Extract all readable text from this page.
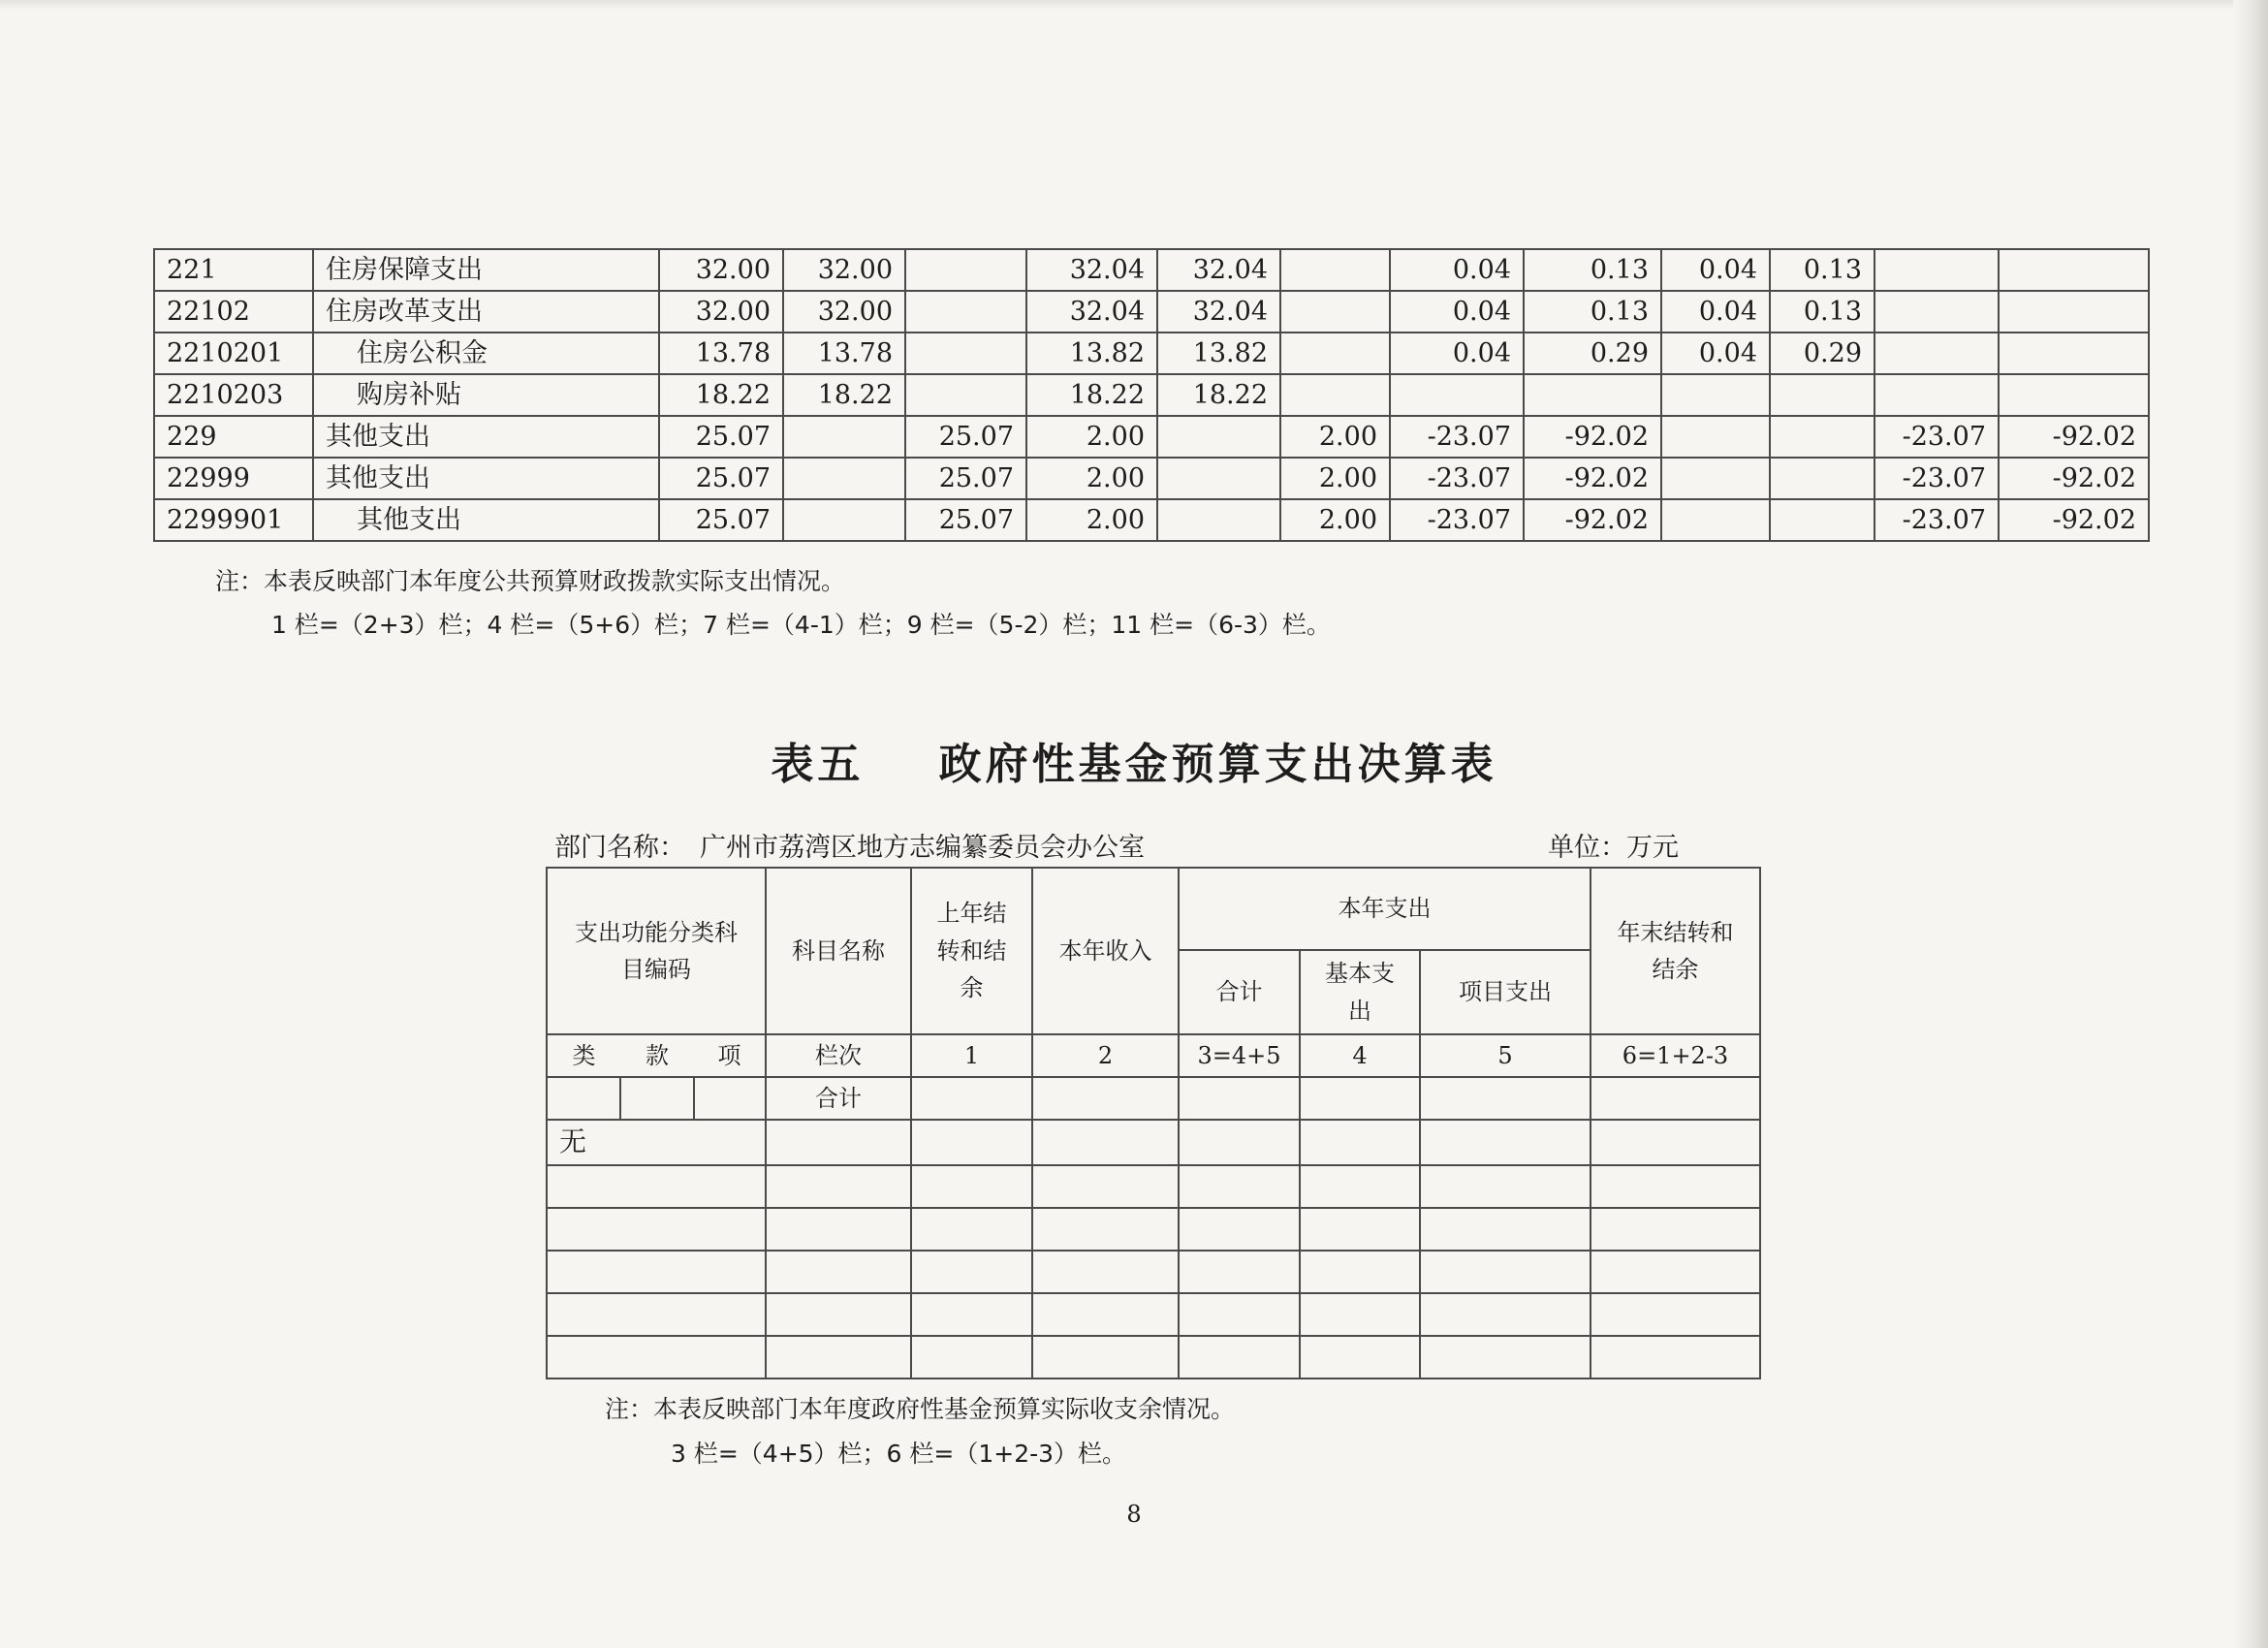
221	住房保障支出	32.00	32.00		32.04	32.04		0.04	0.13	0.04	0.13		
22102	住房改革支出	32.00	32.00		32.04	32.04		0.04	0.13	0.04	0.13		
2210201	住房公积金	13.78	13.78		13.82	13.82		0.04	0.29	0.04	0.29		
2210203	购房补贴	18.22	18.22		18.22	18.22							
229	其他支出	25.07		25.07	2.00		2.00	-23.07	-92.02			-23.07	-92.02
22999	其他支出	25.07		25.07	2.00		2.00	-23.07	-92.02			-23.07	-92.02
2299901	其他支出	25.07		25.07	2.00		2.00	-23.07	-92.02			-23.07	-92.02
注：本表反映部门本年度公共预算财政拨款实际支出情况。
1 栏=（2+3）栏；4 栏=（5+6）栏；7 栏=（4-1）栏；9 栏=（5-2）栏；11 栏=（6-3）栏。
表五    政府性基金预算支出决算表
部门名称： 广州市荔湾区地方志编纂委员会办公室	单位：万元
支出功能分类科目编码			科目名称	上年结转和结余	本年收入	本年支出			年末结转和结余
						合计	基本支出	项目支出	
类	款	项	栏次	1	2	3=4+5	4	5	6=1+2-3
			合计						
无									

注：本表反映部门本年度政府性基金预算实际收支余情况。
3 栏=（4+5）栏；6 栏=（1+2-3）栏。
8
